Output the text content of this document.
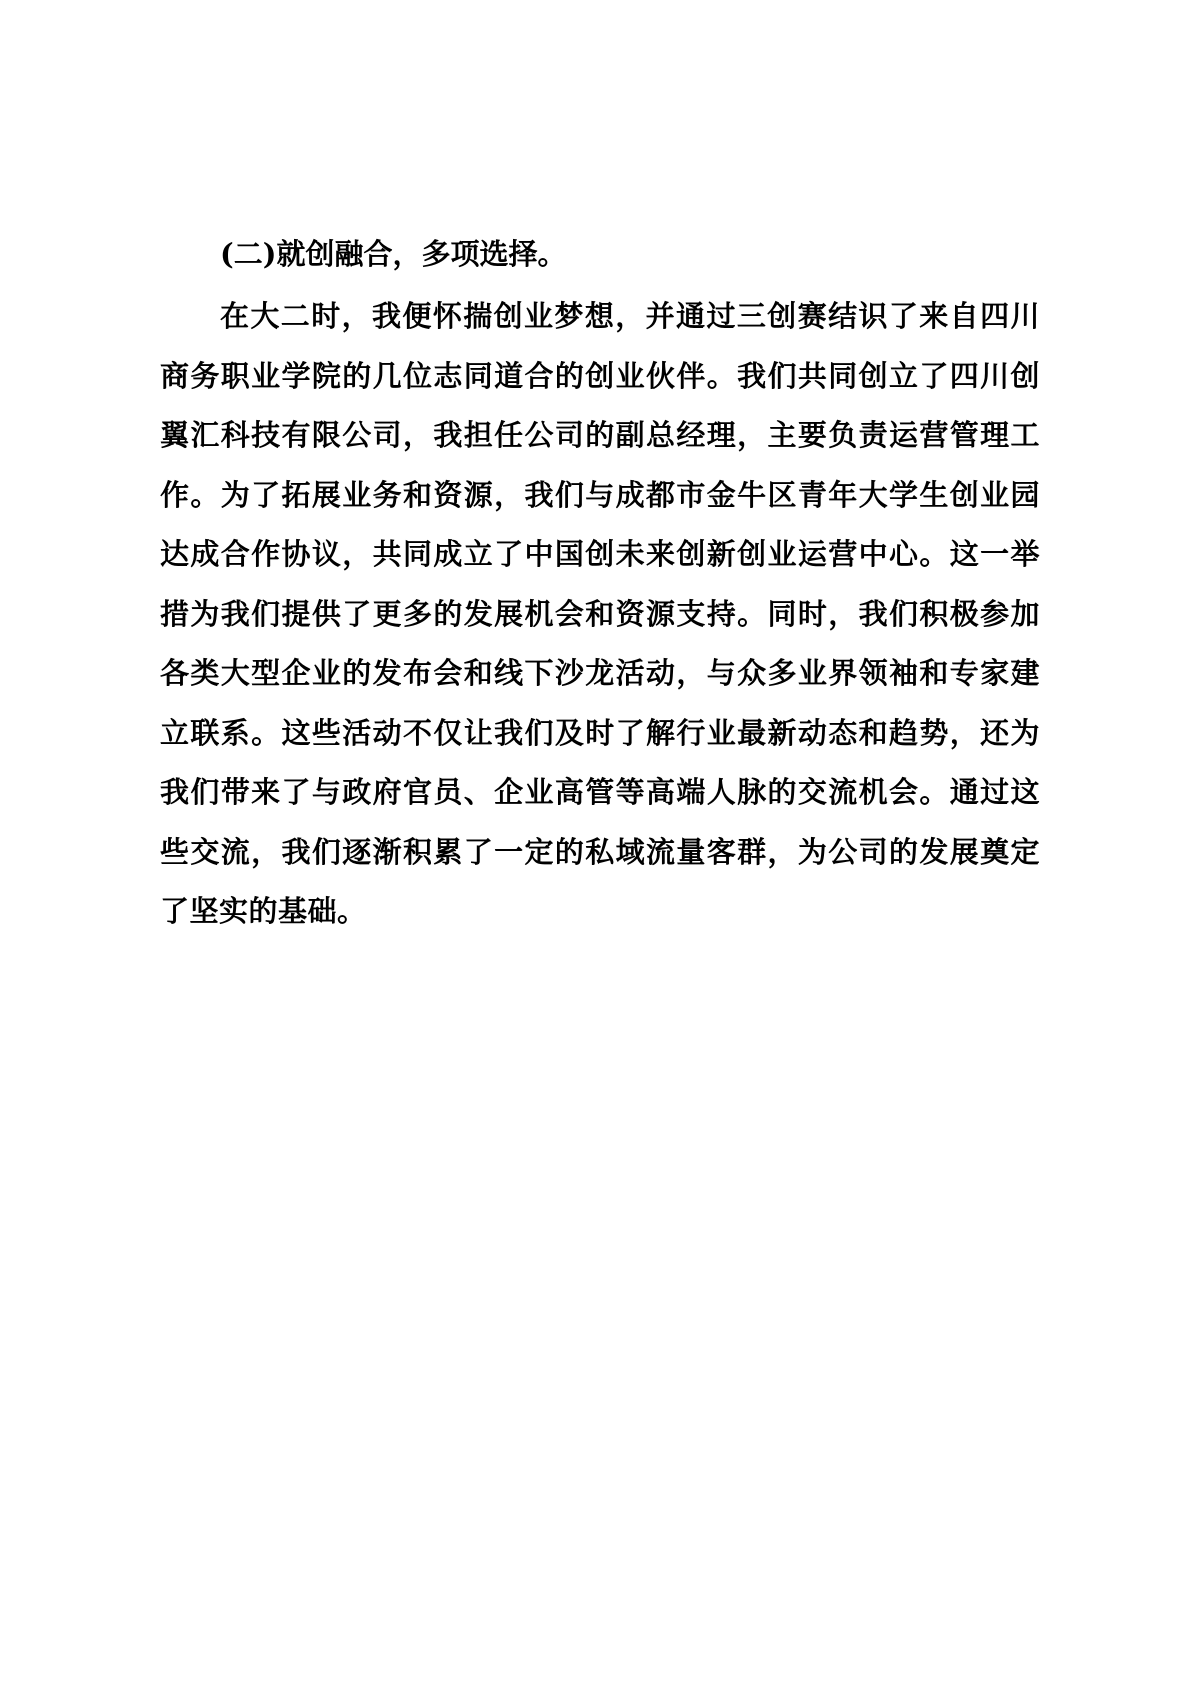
(二)就创融合，多项选择。

在大二时，我便怀揣创业梦想，并通过三创赛结识了来自四川商务职业学院的几位志同道合的创业伙伴。我们共同创立了四川创翼汇科技有限公司，我担任公司的副总经理，主要负责运营管理工作。为了拓展业务和资源，我们与成都市金牛区青年大学生创业园达成合作协议，共同成立了中国创未来创新创业运营中心。这一举措为我们提供了更多的发展机会和资源支持。同时，我们积极参加各类大型企业的发布会和线下沙龙活动，与众多业界领袖和专家建立联系。这些活动不仅让我们及时了解行业最新动态和趋势，还为我们带来了与政府官员、企业高管等高端人脉的交流机会。通过这些交流，我们逐渐积累了一定的私域流量客群，为公司的发展奠定了坚实的基础。
